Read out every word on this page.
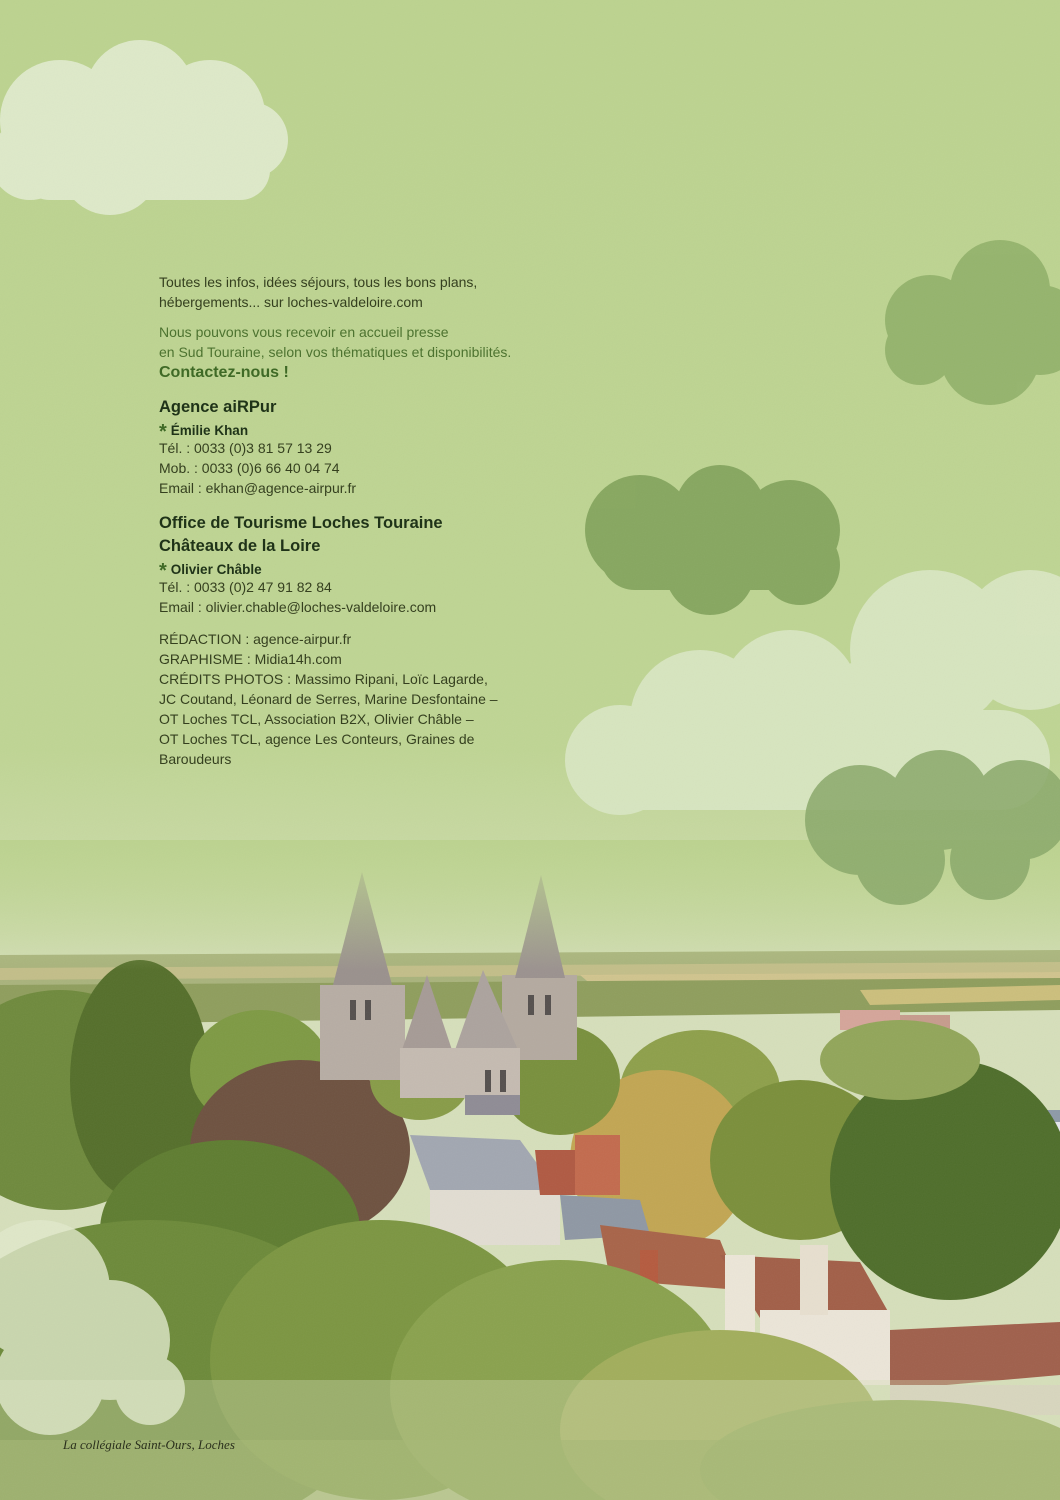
Toutes les infos, idées séjours, tous les bons plans,

hébergements... sur loches-valdeloire.com

Nous pouvons vous recevoir en accueil presse

en Sud Touraine, selon vos thématiques et disponibilités.

Contactez-nous !

Agence aiRPur

* Émilie Khan

Tél. : 0033 (0)3 81 57 13 29

Mob. : 0033 (0)6 66 40 04 74

Email : ekhan@agence-airpur.fr

Office de Tourisme Loches Touraine

Châteaux de la Loire

* Olivier Châble

Tél. : 0033 (0)2 47 91 82 84

Email : olivier.chable@loches-valdeloire.com

RÉDACTION : agence-airpur.fr

GRAPHISME : Midia14h.com

CRÉDITS PHOTOS : Massimo Ripani, Loïc Lagarde,

JC Coutand, Léonard de Serres, Marine Desfontaine –

OT Loches TCL, Association B2X, Olivier Châble –

OT Loches TCL, agence Les Conteurs, Graines de

Baroudeurs

La collégiale Saint-Ours, Loches
